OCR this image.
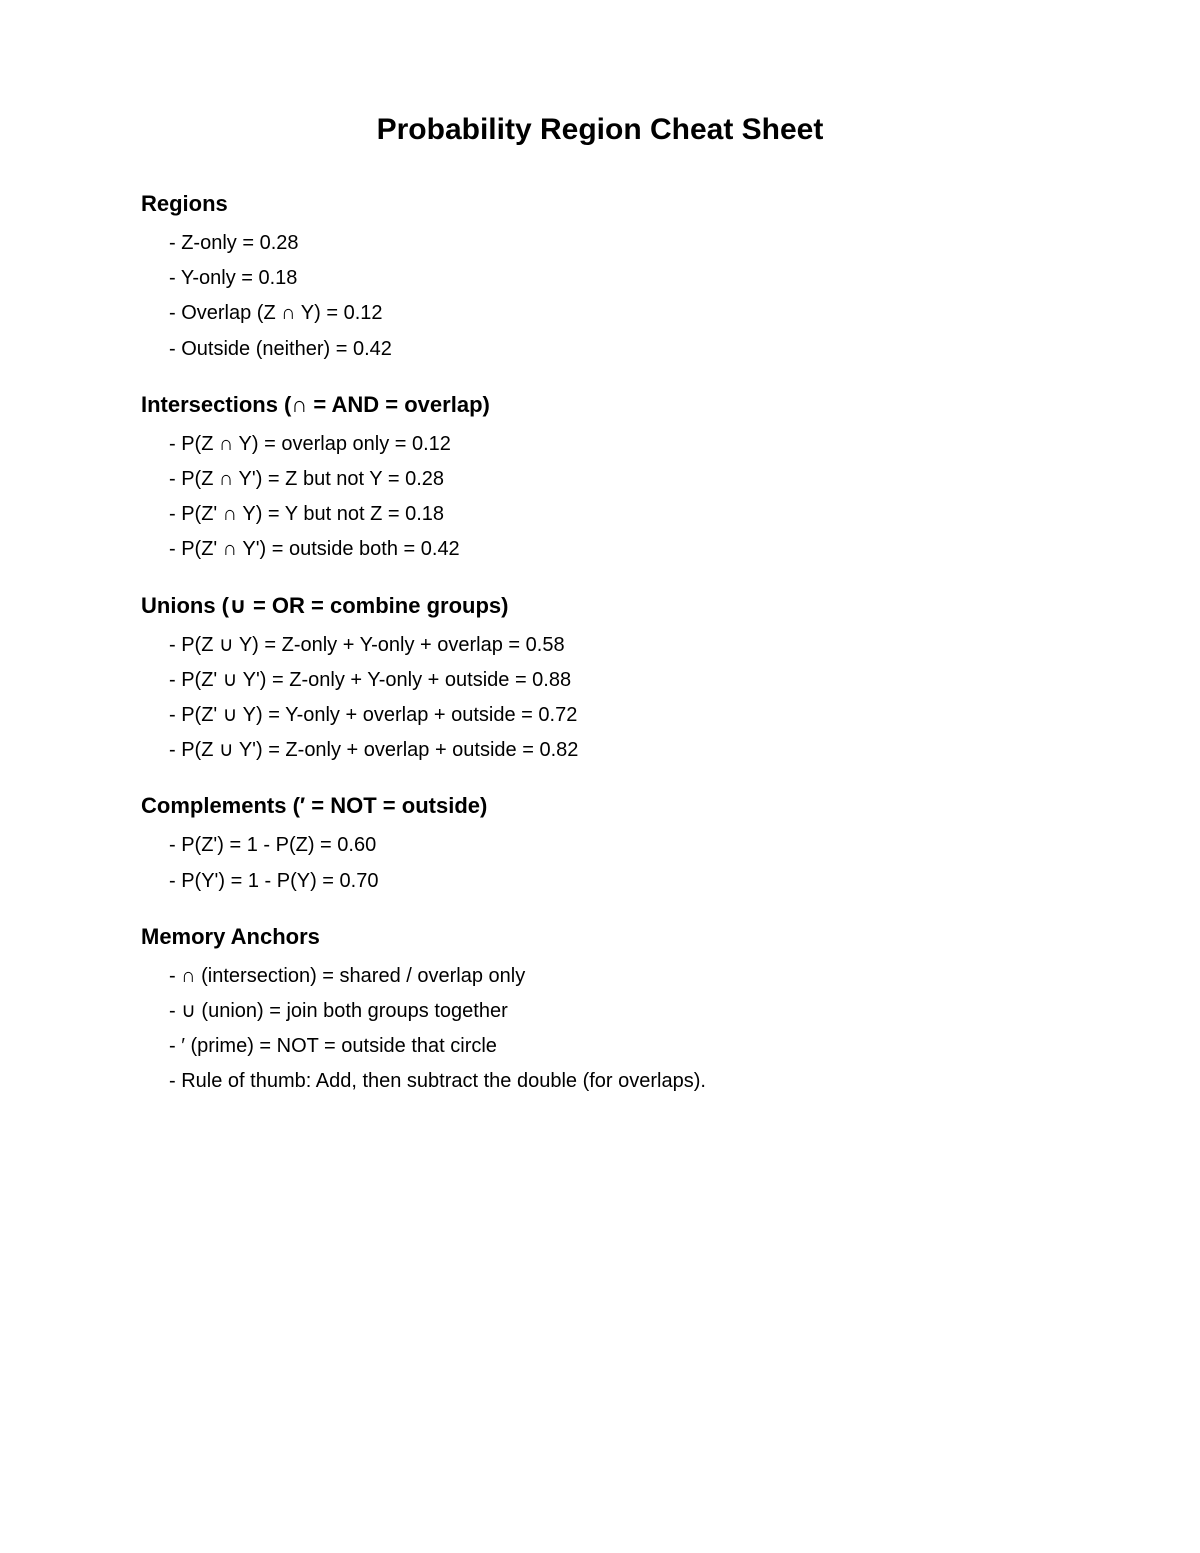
Probability Region Cheat Sheet
Regions
- Z-only = 0.28
- Y-only = 0.18
- Overlap (Z ∩ Y) = 0.12
- Outside (neither) = 0.42
Intersections (∩ = AND = overlap)
- P(Z ∩ Y) = overlap only = 0.12
- P(Z ∩ Y') = Z but not Y = 0.28
- P(Z' ∩ Y) = Y but not Z = 0.18
- P(Z' ∩ Y') = outside both = 0.42
Unions (∪ = OR = combine groups)
- P(Z ∪ Y) = Z-only + Y-only + overlap = 0.58
- P(Z' ∪ Y') = Z-only + Y-only + outside = 0.88
- P(Z' ∪ Y) = Y-only + overlap + outside = 0.72
- P(Z ∪ Y') = Z-only + overlap + outside = 0.82
Complements (′ = NOT = outside)
- P(Z') = 1 - P(Z) = 0.60
- P(Y') = 1 - P(Y) = 0.70
Memory Anchors
- ∩ (intersection) = shared / overlap only
- ∪ (union) = join both groups together
- ′ (prime) = NOT = outside that circle
- Rule of thumb: Add, then subtract the double (for overlaps).
